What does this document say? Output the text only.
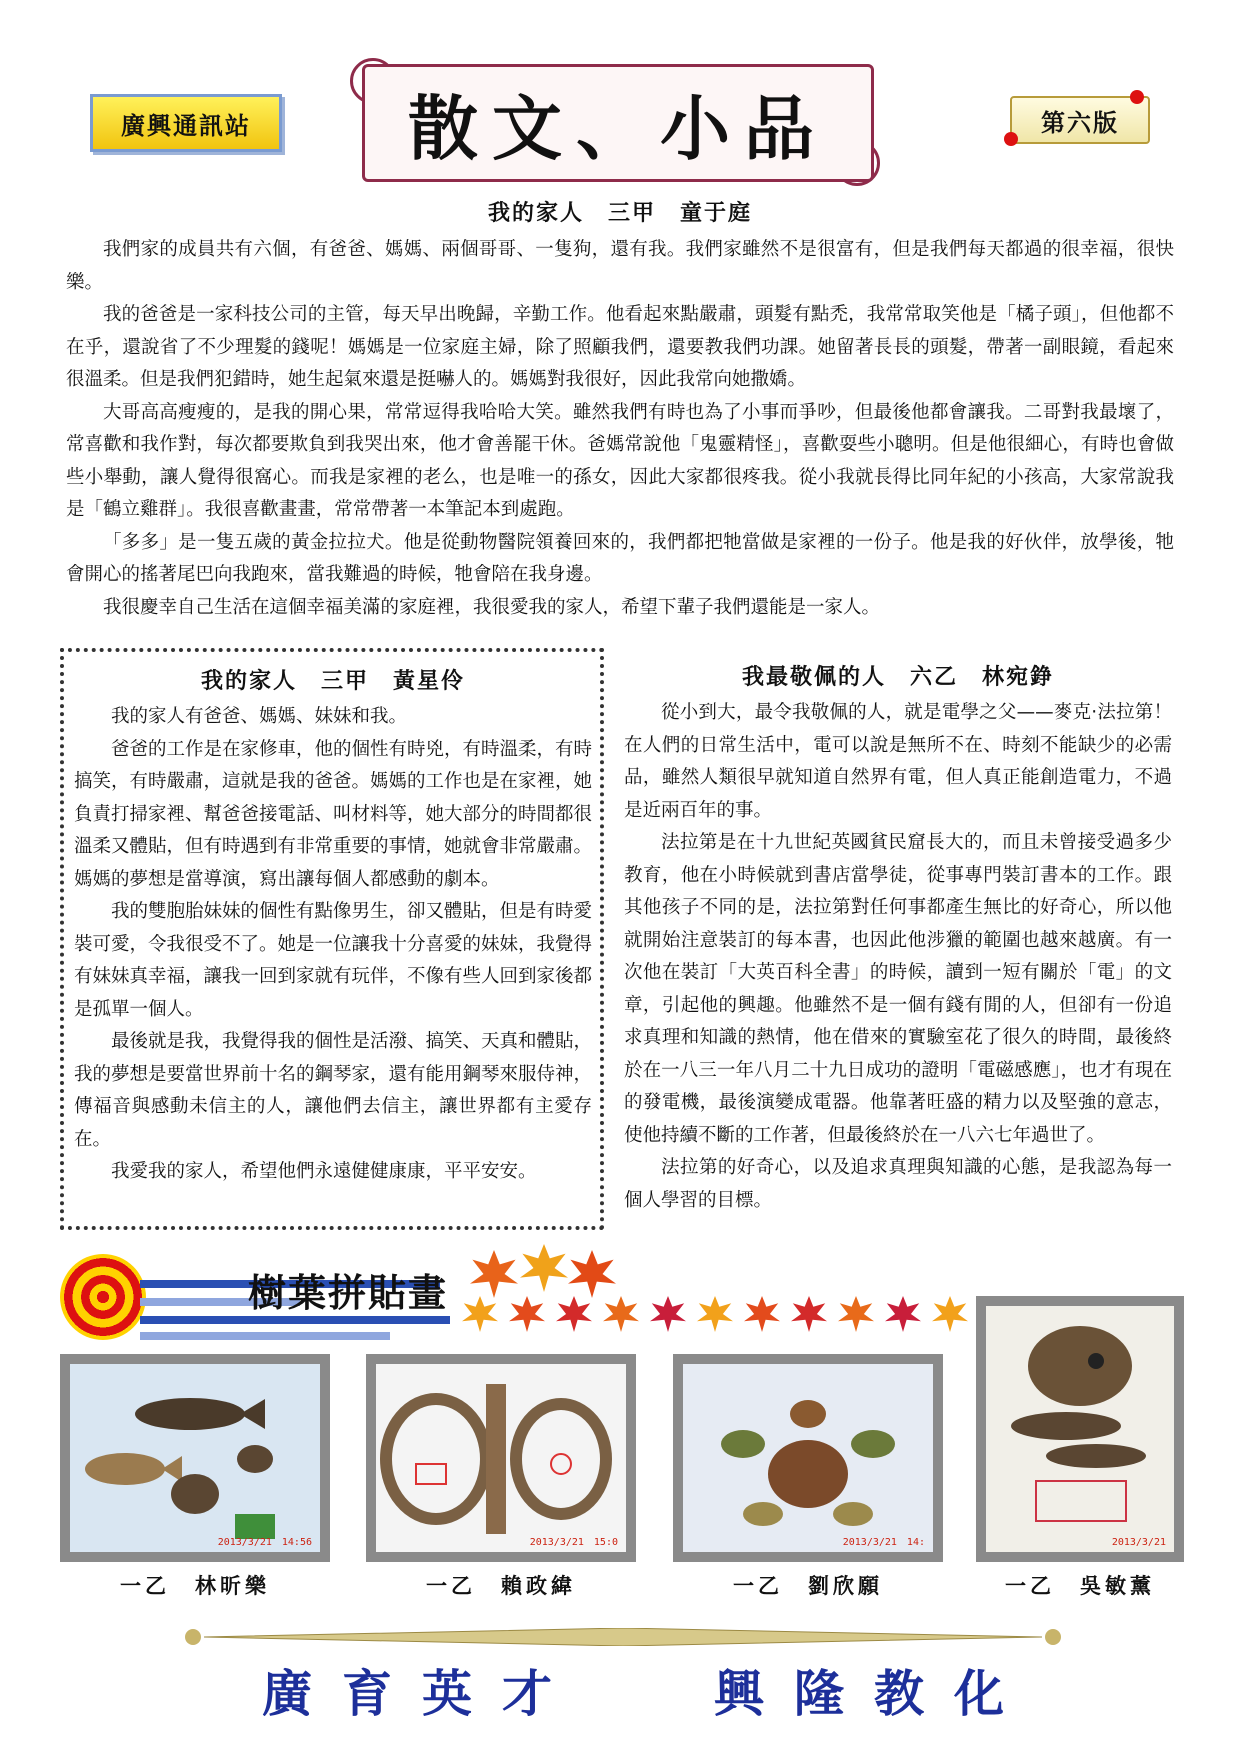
廣興通訊站	散文、小品	第六版
我的家人　三甲　童于庭

我們家的成員共有六個，有爸爸、媽媽、兩個哥哥、一隻狗，還有我。我們家雖然不是很富有，但是我們每天都過的很幸福，很快樂。

我的爸爸是一家科技公司的主管，每天早出晚歸，辛勤工作。他看起來點嚴肅，頭髮有點禿，我常常取笑他是「橘子頭」，但他都不在乎，還說省了不少理髮的錢呢！媽媽是一位家庭主婦，除了照顧我們，還要教我們功課。她留著長長的頭髮，帶著一副眼鏡，看起來很溫柔。但是我們犯錯時，她生起氣來還是挺嚇人的。媽媽對我很好，因此我常向她撒嬌。

大哥高高瘦瘦的，是我的開心果，常常逗得我哈哈大笑。雖然我們有時也為了小事而爭吵，但最後他都會讓我。二哥對我最壞了，常喜歡和我作對，每次都要欺負到我哭出來，他才會善罷干休。爸媽常說他「鬼靈精怪」，喜歡耍些小聰明。但是他很細心，有時也會做些小舉動，讓人覺得很窩心。而我是家裡的老么，也是唯一的孫女，因此大家都很疼我。從小我就長得比同年紀的小孩高，大家常說我是「鶴立雞群」。我很喜歡畫畫，常常帶著一本筆記本到處跑。

「多多」是一隻五歲的黃金拉拉犬。他是從動物醫院領養回來的，我們都把牠當做是家裡的一份子。他是我的好伙伴，放學後，牠會開心的搖著尾巴向我跑來，當我難過的時候，牠會陪在我身邊。

我很慶幸自己生活在這個幸福美滿的家庭裡，我很愛我的家人，希望下輩子我們還能是一家人。

我的家人　三甲　黃星伶

我的家人有爸爸、媽媽、妹妹和我。

爸爸的工作是在家修車，他的個性有時兇，有時溫柔，有時搞笑，有時嚴肅，這就是我的爸爸。媽媽的工作也是在家裡，她負責打掃家裡、幫爸爸接電話、叫材料等，她大部分的時間都很溫柔又體貼，但有時遇到有非常重要的事情，她就會非常嚴肅。媽媽的夢想是當導演，寫出讓每個人都感動的劇本。

我的雙胞胎妹妹的個性有點像男生，卻又體貼，但是有時愛裝可愛，令我很受不了。她是一位讓我十分喜愛的妹妹，我覺得有妹妹真幸福，讓我一回到家就有玩伴，不像有些人回到家後都是孤單一個人。

最後就是我，我覺得我的個性是活潑、搞笑、天真和體貼，我的夢想是要當世界前十名的鋼琴家，還有能用鋼琴來服侍神，傳福音與感動未信主的人，讓他們去信主，讓世界都有主愛存在。

我愛我的家人，希望他們永遠健健康康，平平安安。

我最敬佩的人　六乙　林宛錚

從小到大，最令我敬佩的人，就是電學之父——麥克·法拉第！在人們的日常生活中，電可以說是無所不在、時刻不能缺少的必需品，雖然人類很早就知道自然界有電，但人真正能創造電力，不過是近兩百年的事。

法拉第是在十九世紀英國貧民窟長大的，而且未曾接受過多少教育，他在小時候就到書店當學徒，從事專門裝訂書本的工作。跟其他孩子不同的是，法拉第對任何事都產生無比的好奇心，所以他就開始注意裝訂的每本書，也因此他涉獵的範圍也越來越廣。有一次他在裝訂「大英百科全書」的時候，讀到一短有關於「電」的文章，引起他的興趣。他雖然不是一個有錢有閒的人，但卻有一份追求真理和知識的熱情，他在借來的實驗室花了很久的時間，最後終於在一八三一年八月二十九日成功的證明「電磁感應」，也才有現在的發電機，最後演變成電器。他靠著旺盛的精力以及堅強的意志，使他持續不斷的工作著，但最後終於在一八六七年過世了。

法拉第的好奇心，以及追求真理與知識的心態，是我認為每一個人學習的目標。

樹葉拼貼畫
2013/3/21　14:56	2013/3/21　15:0	2013/3/21　14:	2013/3/21
一乙　林昕樂	一乙　賴政緯	一乙　劉欣願	一乙　吳敏薰
廣育英才	興隆教化
